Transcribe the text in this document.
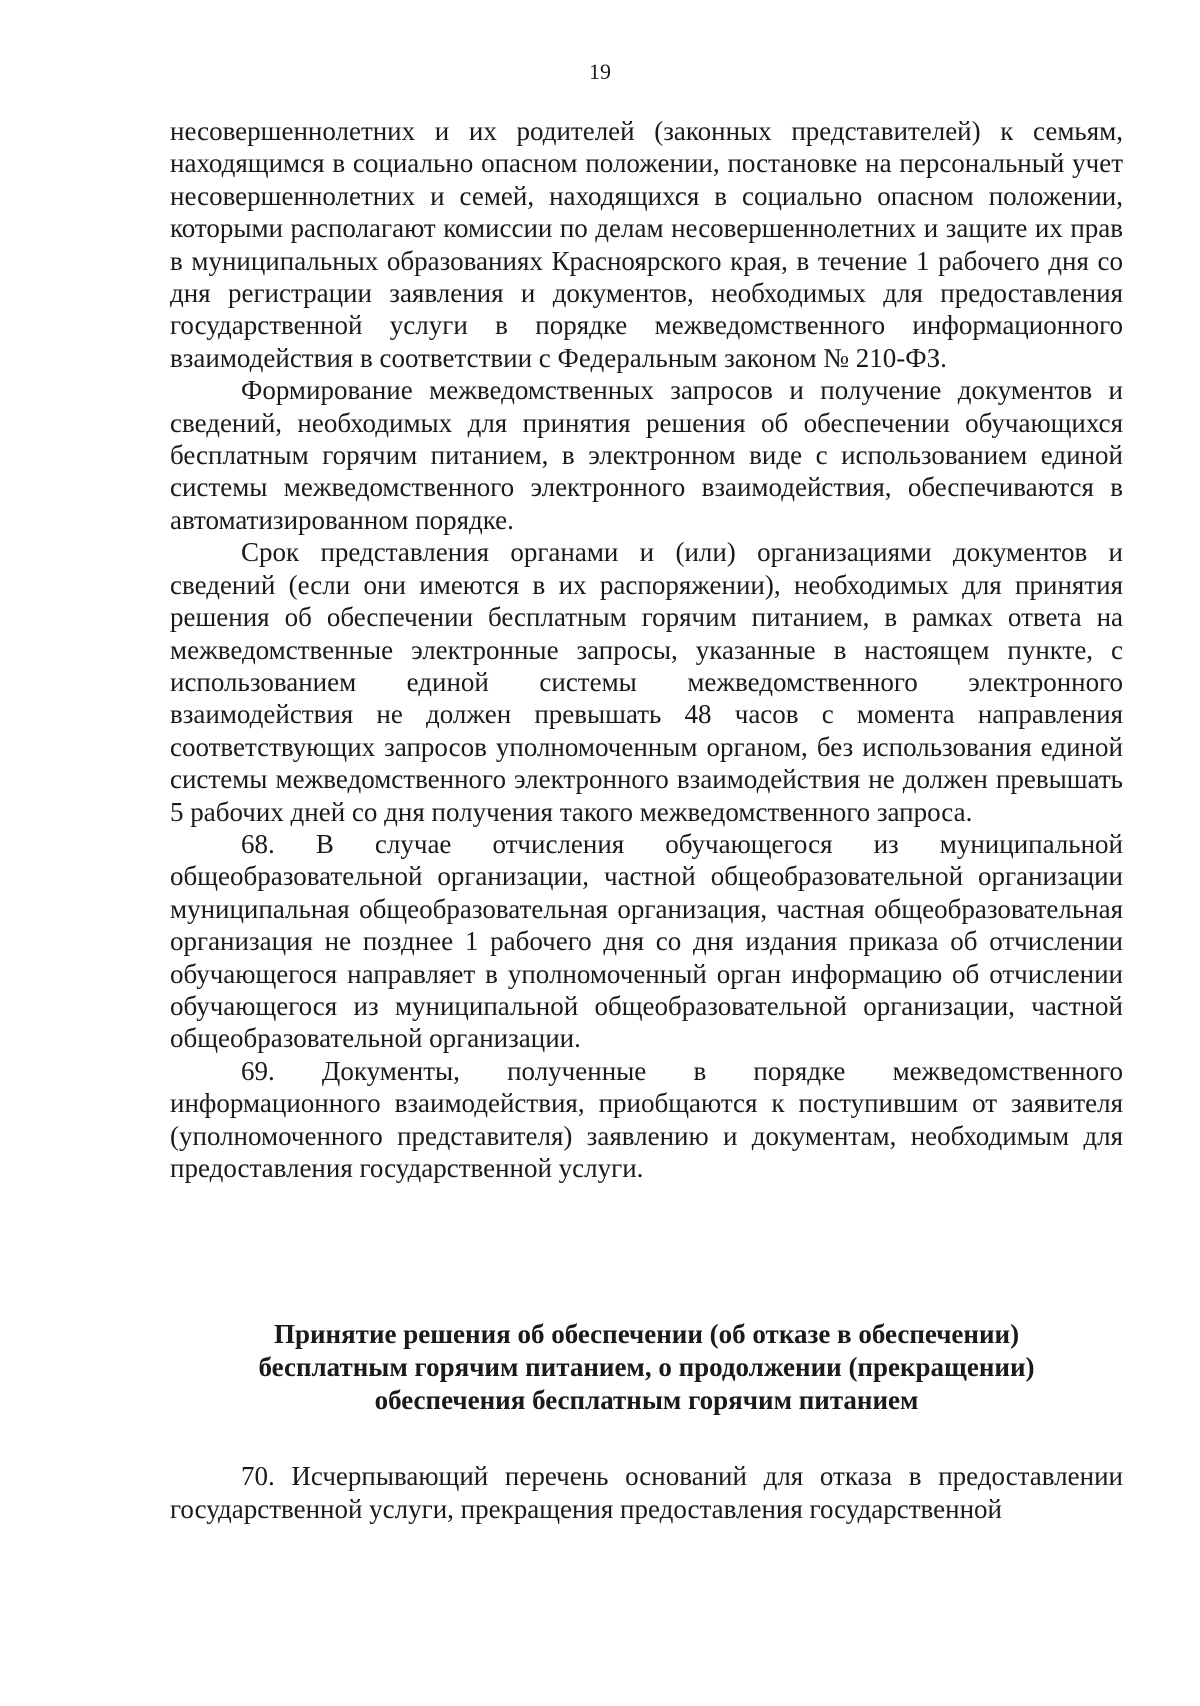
19

несовершеннолетних и их родителей (законных представителей) к семьям, находящимся в социально опасном положении, постановке на персональный учет несовершеннолетних и семей, находящихся в социально опасном положении, которыми располагают комиссии по делам несовершеннолетних и защите их прав в муниципальных образованиях Красноярского края, в течение 1 рабочего дня со дня регистрации заявления и документов, необходимых для предоставления государственной услуги в порядке межведомственного информационного взаимодействия в соответствии с Федеральным законом № 210-ФЗ.

Формирование межведомственных запросов и получение документов и сведений, необходимых для принятия решения об обеспечении обучающихся бесплатным горячим питанием, в электронном виде с использованием единой системы межведомственного электронного взаимодействия, обеспечиваются в автоматизированном порядке.

Срок представления органами и (или) организациями документов и сведений (если они имеются в их распоряжении), необходимых для принятия решения об обеспечении бесплатным горячим питанием, в рамках ответа на межведомственные электронные запросы, указанные в настоящем пункте, с использованием единой системы межведомственного электронного взаимодействия не должен превышать 48 часов с момента направления соответствующих запросов уполномоченным органом, без использования единой системы межведомственного электронного взаимодействия не должен превышать 5 рабочих дней со дня получения такого межведомственного запроса.

68. В случае отчисления обучающегося из муниципальной общеобразовательной организации, частной общеобразовательной организации муниципальная общеобразовательная организация, частная общеобразовательная организация не позднее 1 рабочего дня со дня издания приказа об отчислении обучающегося направляет в уполномоченный орган информацию об отчислении обучающегося из муниципальной общеобразовательной организации, частной общеобразовательной организации.

69. Документы, полученные в порядке межведомственного информационного взаимодействия, приобщаются к поступившим от заявителя (уполномоченного представителя) заявлению и документам, необходимым для предоставления государственной услуги.

Принятие решения об обеспечении (об отказе в обеспечении)
бесплатным горячим питанием, о продолжении (прекращении)
обеспечения бесплатным горячим питанием

70. Исчерпывающий перечень оснований для отказа в предоставлении государственной услуги, прекращения предоставления государственной
